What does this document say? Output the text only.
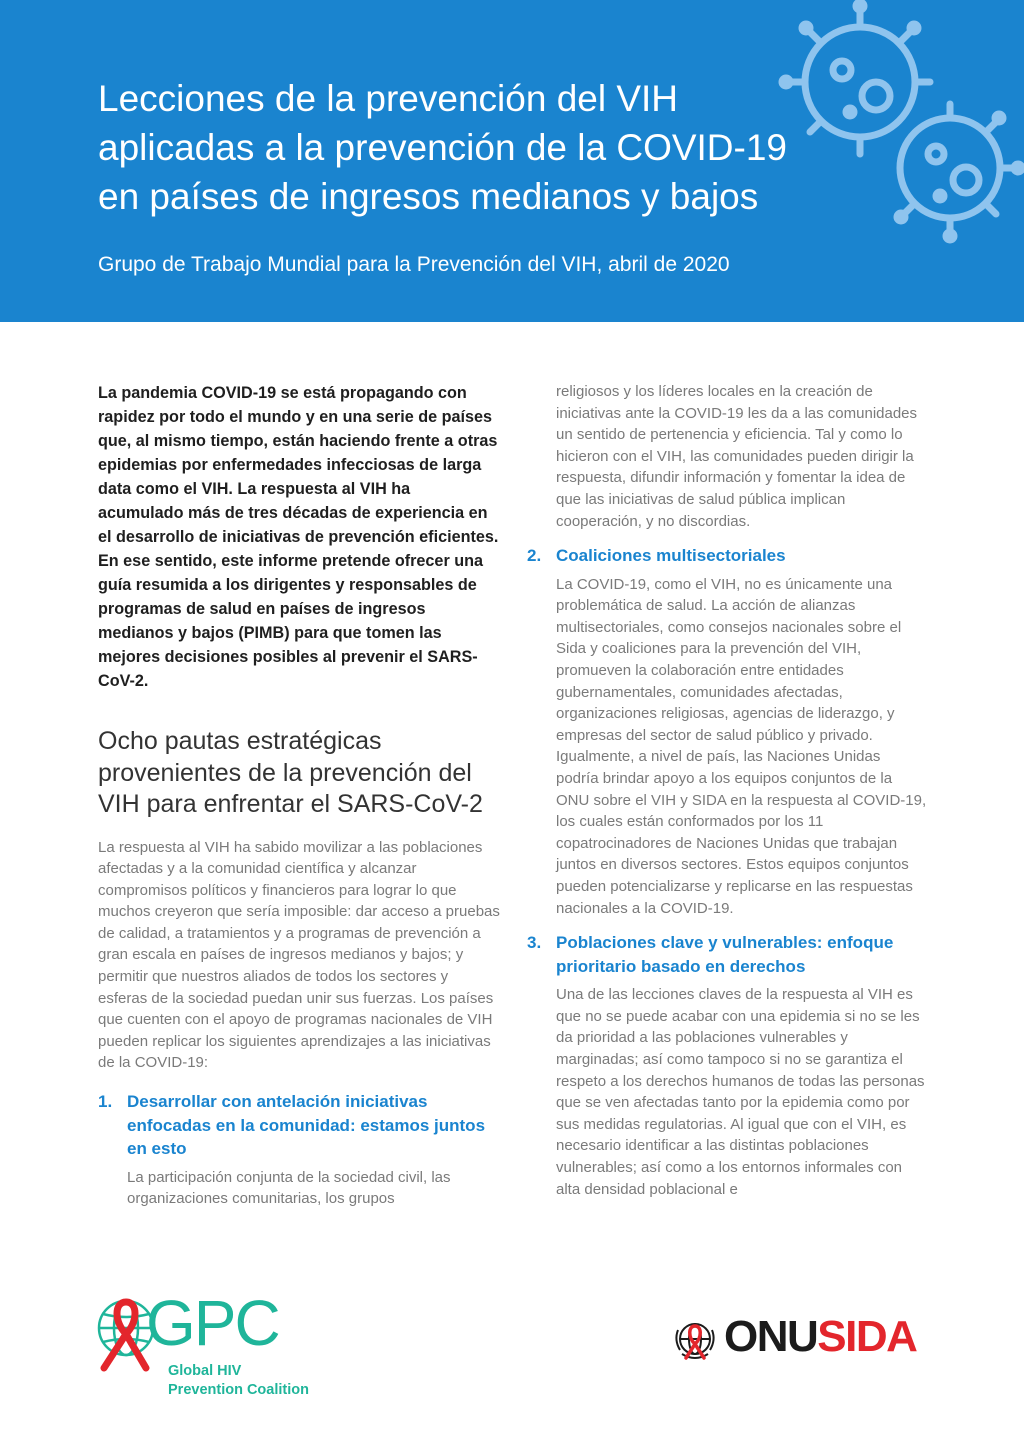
Lecciones de la prevención del VIH
aplicadas a la prevención de la COVID-19
en países de ingresos medianos y bajos

Grupo de Trabajo Mundial para la Prevención del VIH, abril de 2020

La pandemia COVID-19 se está propagando con rapidez por todo el mundo y en una serie de países que, al mismo tiempo, están haciendo frente a otras epidemias por enfermedades infecciosas de larga data como el VIH. La respuesta al VIH ha acumulado más de tres décadas de experiencia en el desarrollo de iniciativas de prevención eficientes. En ese sentido, este informe pretende ofrecer una guía resumida a los dirigentes y responsables de programas de salud en países de ingresos medianos y bajos (PIMB) para que tomen las mejores decisiones posibles al prevenir el SARS-CoV-2.

Ocho pautas estratégicas provenientes de la prevención del VIH para enfrentar el SARS-CoV-2

La respuesta al VIH ha sabido movilizar a las poblaciones afectadas y a la comunidad científica y alcanzar compromisos políticos y financieros para lograr lo que muchos creyeron que sería imposible: dar acceso a pruebas de calidad, a tratamientos y a programas de prevención a gran escala en países de ingresos medianos y bajos; y permitir que nuestros aliados de todos los sectores y esferas de la sociedad puedan unir sus fuerzas. Los países que cuenten con el apoyo de programas nacionales de VIH pueden replicar los siguientes aprendizajes a las iniciativas de la COVID-19:

1. Desarrollar con antelación iniciativas enfocadas en la comunidad: estamos juntos en esto

La participación conjunta de la sociedad civil, las organizaciones comunitarias, los grupos

religiosos y los líderes locales en la creación de iniciativas ante la COVID-19 les da a las comunidades un sentido de pertenencia y eficiencia. Tal y como lo hicieron con el VIH, las comunidades pueden dirigir la respuesta, difundir información y fomentar la idea de que las iniciativas de salud pública implican cooperación, y no discordias.

2. Coaliciones multisectoriales

La COVID-19, como el VIH, no es únicamente una problemática de salud. La acción de alianzas multisectoriales, como consejos nacionales sobre el Sida y coaliciones para la prevención del VIH, promueven la colaboración entre entidades gubernamentales, comunidades afectadas, organizaciones religiosas, agencias de liderazgo, y empresas del sector de salud público y privado. Igualmente, a nivel de país, las Naciones Unidas podría brindar apoyo a los equipos conjuntos de la ONU sobre el VIH y SIDA en la respuesta al COVID-19, los cuales están conformados por los 11 copatrocinadores de Naciones Unidas que trabajan juntos en diversos sectores. Estos equipos conjuntos pueden potencializarse y replicarse en las respuestas nacionales a la COVID-19.

3. Poblaciones clave y vulnerables: enfoque prioritario basado en derechos

Una de las lecciones claves de la respuesta al VIH es que no se puede acabar con una epidemia si no se les da prioridad a las poblaciones vulnerables y marginadas; así como tampoco si no se garantiza el respeto a los derechos humanos de todas las personas que se ven afectadas tanto por la epidemia como por sus medidas regulatorias. Al igual que con el VIH, es necesario identificar a las distintas poblaciones vulnerables; así como a los entornos informales con alta densidad poblacional e

GPC
Global HIV
Prevention Coalition
ONUSIDA
